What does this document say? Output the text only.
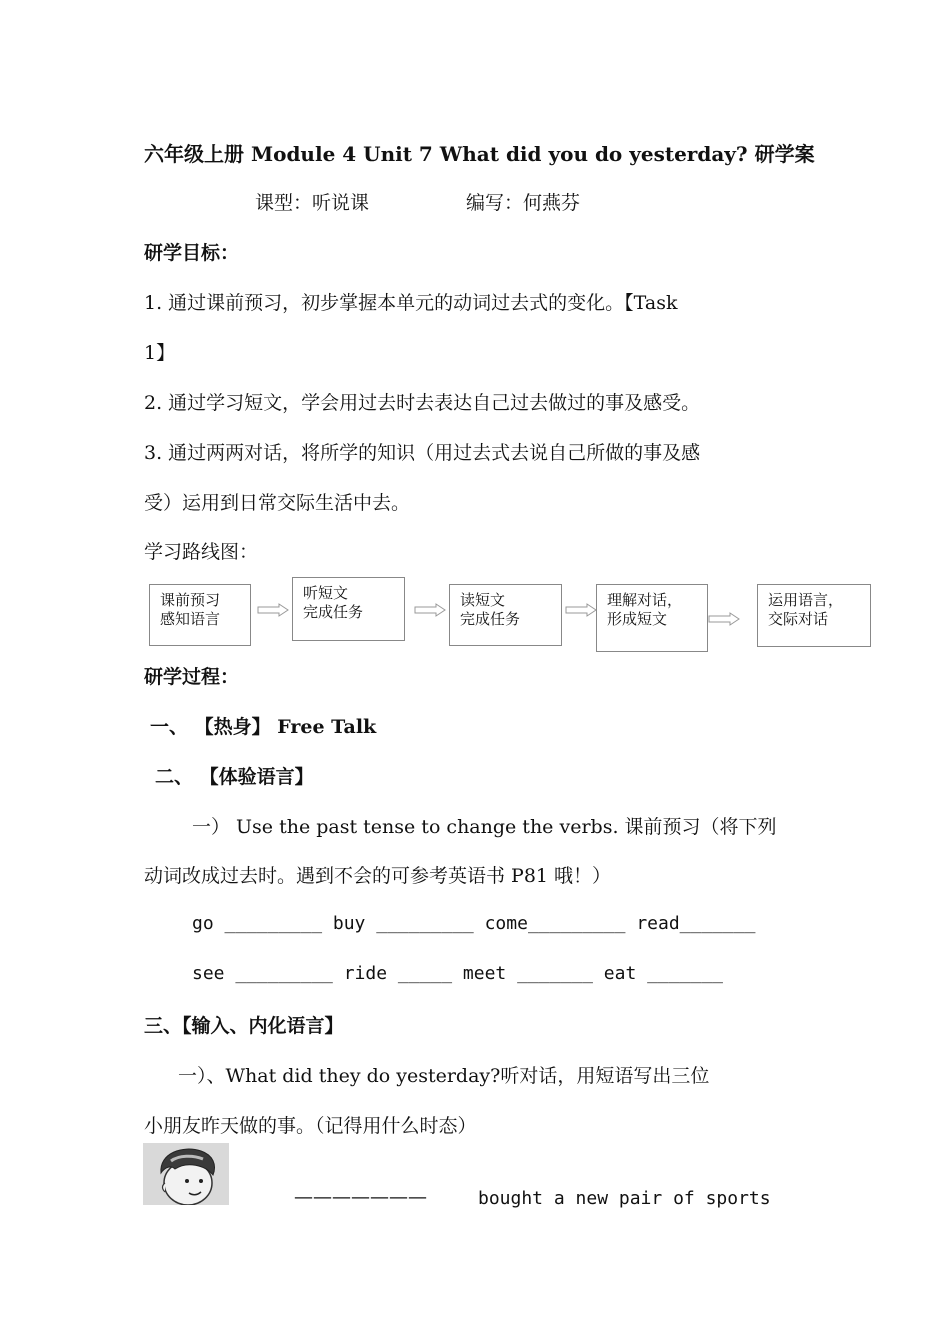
六年级上册 Module 4 Unit 7 What did you do yesterday? 研学案
课型：听说课	编写：何燕芬
研学目标：
1. 通过课前预习，初步掌握本单元的动词过去式的变化。【Task
1】
2. 通过学习短文，学会用过去时去表达自己过去做过的事及感受。
3. 通过两两对话，将所学的知识（用过去式去说自己所做的事及感
受）运用到日常交际生活中去。
学习路线图：
课前预习
感知语言
听短文
完成任务
读短文
完成任务
理解对话，
形成短文
运用语言，
交际对话
研学过程：
一、 【热身】 Free Talk
二、 【体验语言】
一） Use the past tense to change the verbs. 课前预习（将下列
动词改成过去时。遇到不会的可参考英语书 P81 哦！）
go _________ buy _________ come_________ read_______
see _________ ride _____ meet _______ eat _______
三、【输入、内化语言】
一）、What did they do yesterday?听对话，用短语写出三位
小朋友昨天做的事。（记得用什么时态）
———————	bought a new pair of sports
